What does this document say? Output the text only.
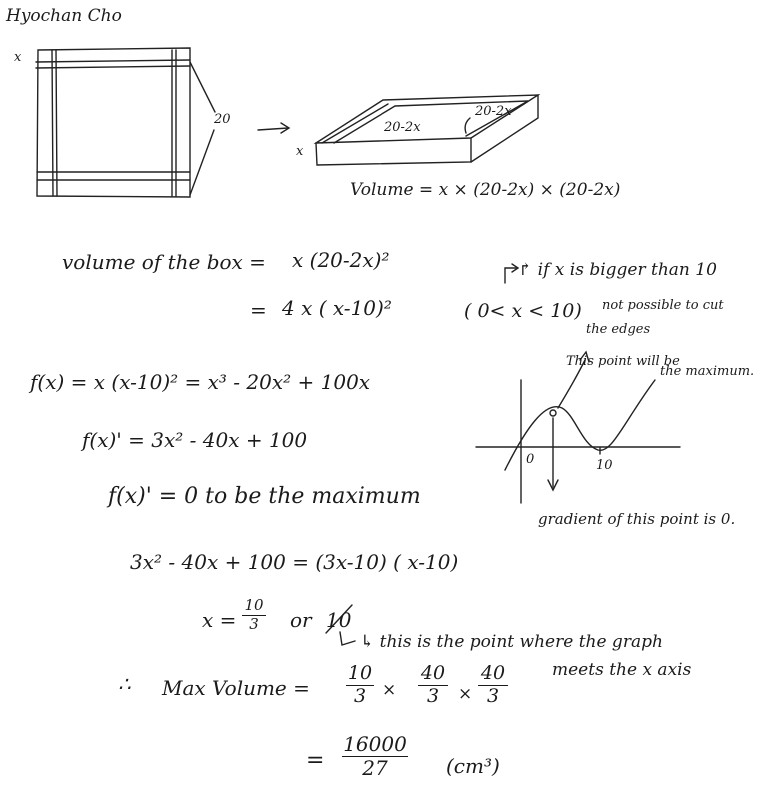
Hyochan Cho
x
20
20-2x
20-2x
x
Volume = x × (20-2x) × (20-2x)
volume of the box = x (20-2x)²
= 4 x ( x-10)²
↱ if x is bigger than 10
( 0< x < 10) not possible to cut
the edges
This point will be
the maximum.
0	10
gradient of this point is 0.
f(x) = x (x-10)² = x³ - 20x² + 100x
f(x)' = 3x² - 40x + 100
f(x)' = 0 to be the maximum
3x² - 40x + 100 = (3x-10) ( x-10)
x =
10
3	or 10
↳ this is the point where the graph
meets the x axis
∴ Max Volume =
10
3 ×
40
3	×
40
3
=
16000
27	(cm³)
